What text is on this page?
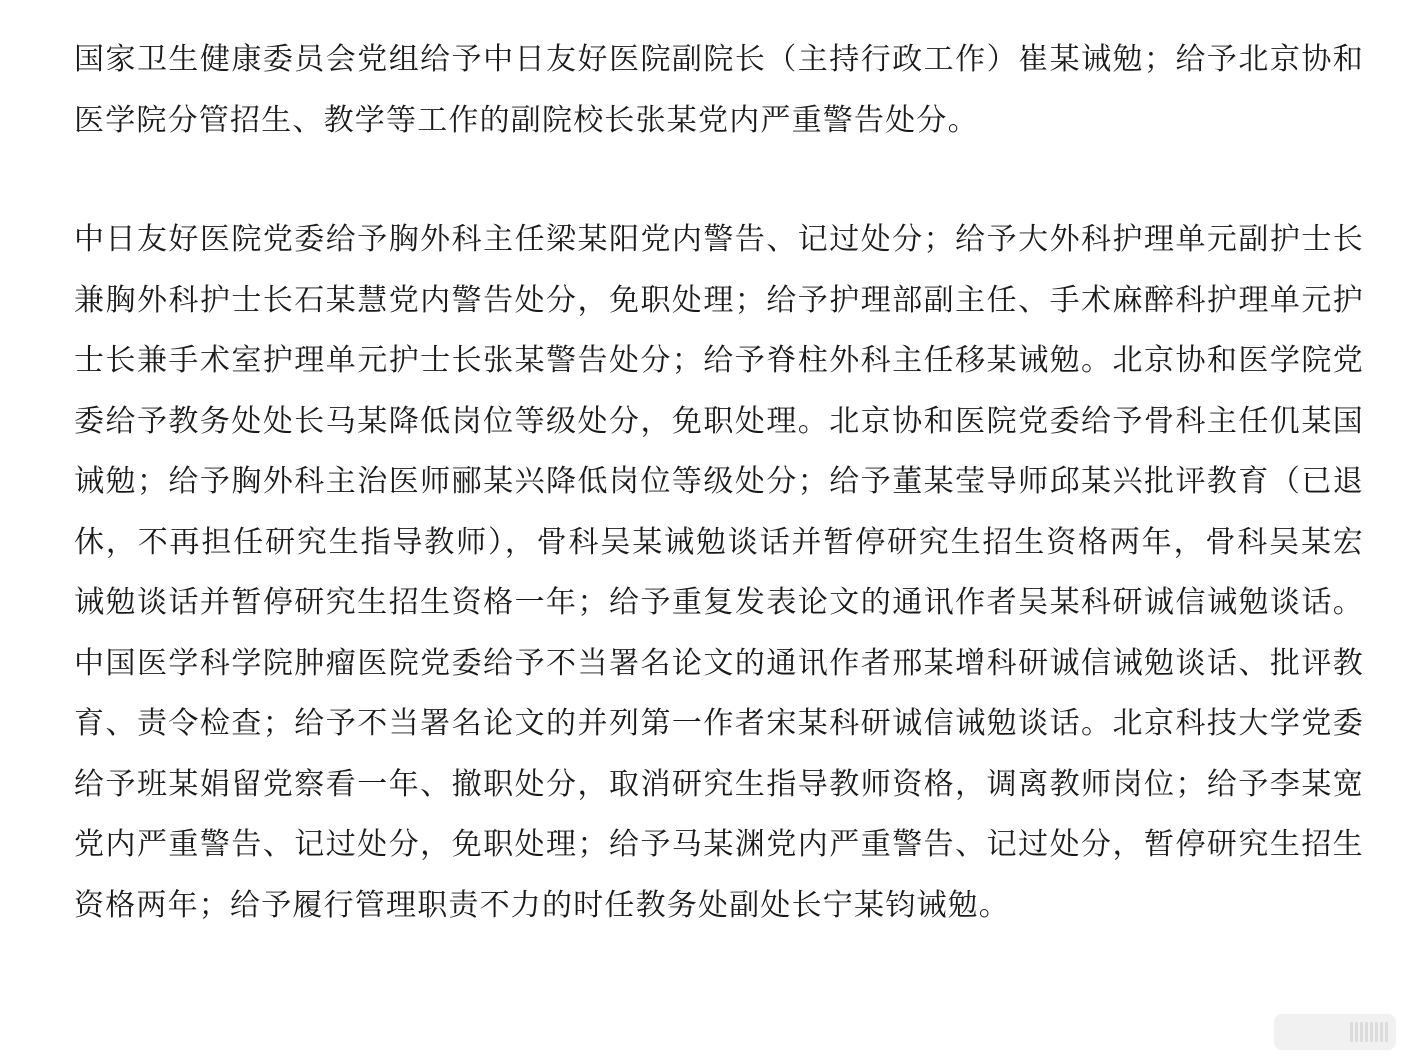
国家卫生健康委员会党组给予中日友好医院副院长（主持行政工作）崔某诫勉；给予北京协和医学院分管招生、教学等工作的副院校长张某党内严重警告处分。

中日友好医院党委给予胸外科主任梁某阳党内警告、记过处分；给予大外科护理单元副护士长兼胸外科护士长石某慧党内警告处分，免职处理；给予护理部副主任、手术麻醉科护理单元护士长兼手术室护理单元护士长张某警告处分；给予脊柱外科主任移某诫勉。北京协和医学院党委给予教务处处长马某降低岗位等级处分，免职处理。北京协和医院党委给予骨科主任仉某国诫勉；给予胸外科主治医师郦某兴降低岗位等级处分；给予董某莹导师邱某兴批评教育（已退休，不再担任研究生指导教师），骨科吴某诫勉谈话并暂停研究生招生资格两年，骨科吴某宏诫勉谈话并暂停研究生招生资格一年；给予重复发表论文的通讯作者吴某科研诚信诫勉谈话。中国医学科学院肿瘤医院党委给予不当署名论文的通讯作者邢某增科研诚信诫勉谈话、批评教育、责令检查；给予不当署名论文的并列第一作者宋某科研诚信诫勉谈话。北京科技大学党委给予班某娟留党察看一年、撤职处分，取消研究生指导教师资格，调离教师岗位；给予李某宽党内严重警告、记过处分，免职处理；给予马某渊党内严重警告、记过处分，暂停研究生招生资格两年；给予履行管理职责不力的时任教务处副处长宁某钧诫勉。
